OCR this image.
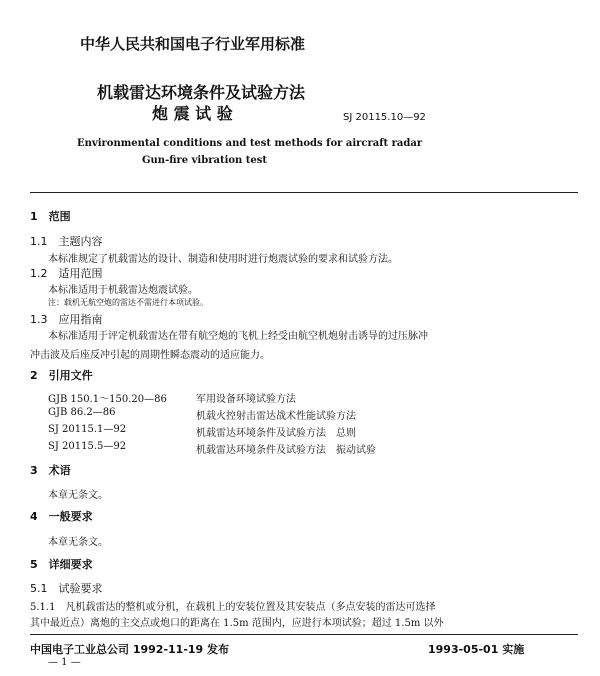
中华人民共和国电子行业军用标准
机载雷达环境条件及试验方法
炮 震 试 验	SJ 20115.10—92
Environmental conditions and test methods for aircraft radar
Gun-fire vibration test
1　范围
1.1　主题内容
本标准规定了机载雷达的设计、制造和使用时进行炮震试验的要求和试验方法。
1.2　适用范围
本标准适用于机载雷达炮震试验。
注：载机无航空炮的雷达不需进行本项试验。
1.3　应用指南
本标准适用于评定机载雷达在带有航空炮的飞机上经受由航空机炮射击诱导的过压脉冲
冲击波及后座反冲引起的周期性瞬态震动的适应能力。
2　引用文件
GJB 150.1～150.20—86	军用设备环境试验方法
GJB 86.2—86	机载火控射击雷达战术性能试验方法
SJ 20115.1—92	机载雷达环境条件及试验方法　总则
SJ 20115.5—92	机载雷达环境条件及试验方法　振动试验
3　术语
本章无条文。
4　一般要求
本章无条文。
5　详细要求
5.1　试验要求
5.1.1　凡机载雷达的整机或分机，在载机上的安装位置及其安装点（多点安装的雷达可选择
其中最近点）离炮的主交点或炮口的距离在 1.5m 范围内，应进行本项试验；超过 1.5m 以外
中国电子工业总公司 1992-11-19 发布	1993-05-01 实施
— 1 —
